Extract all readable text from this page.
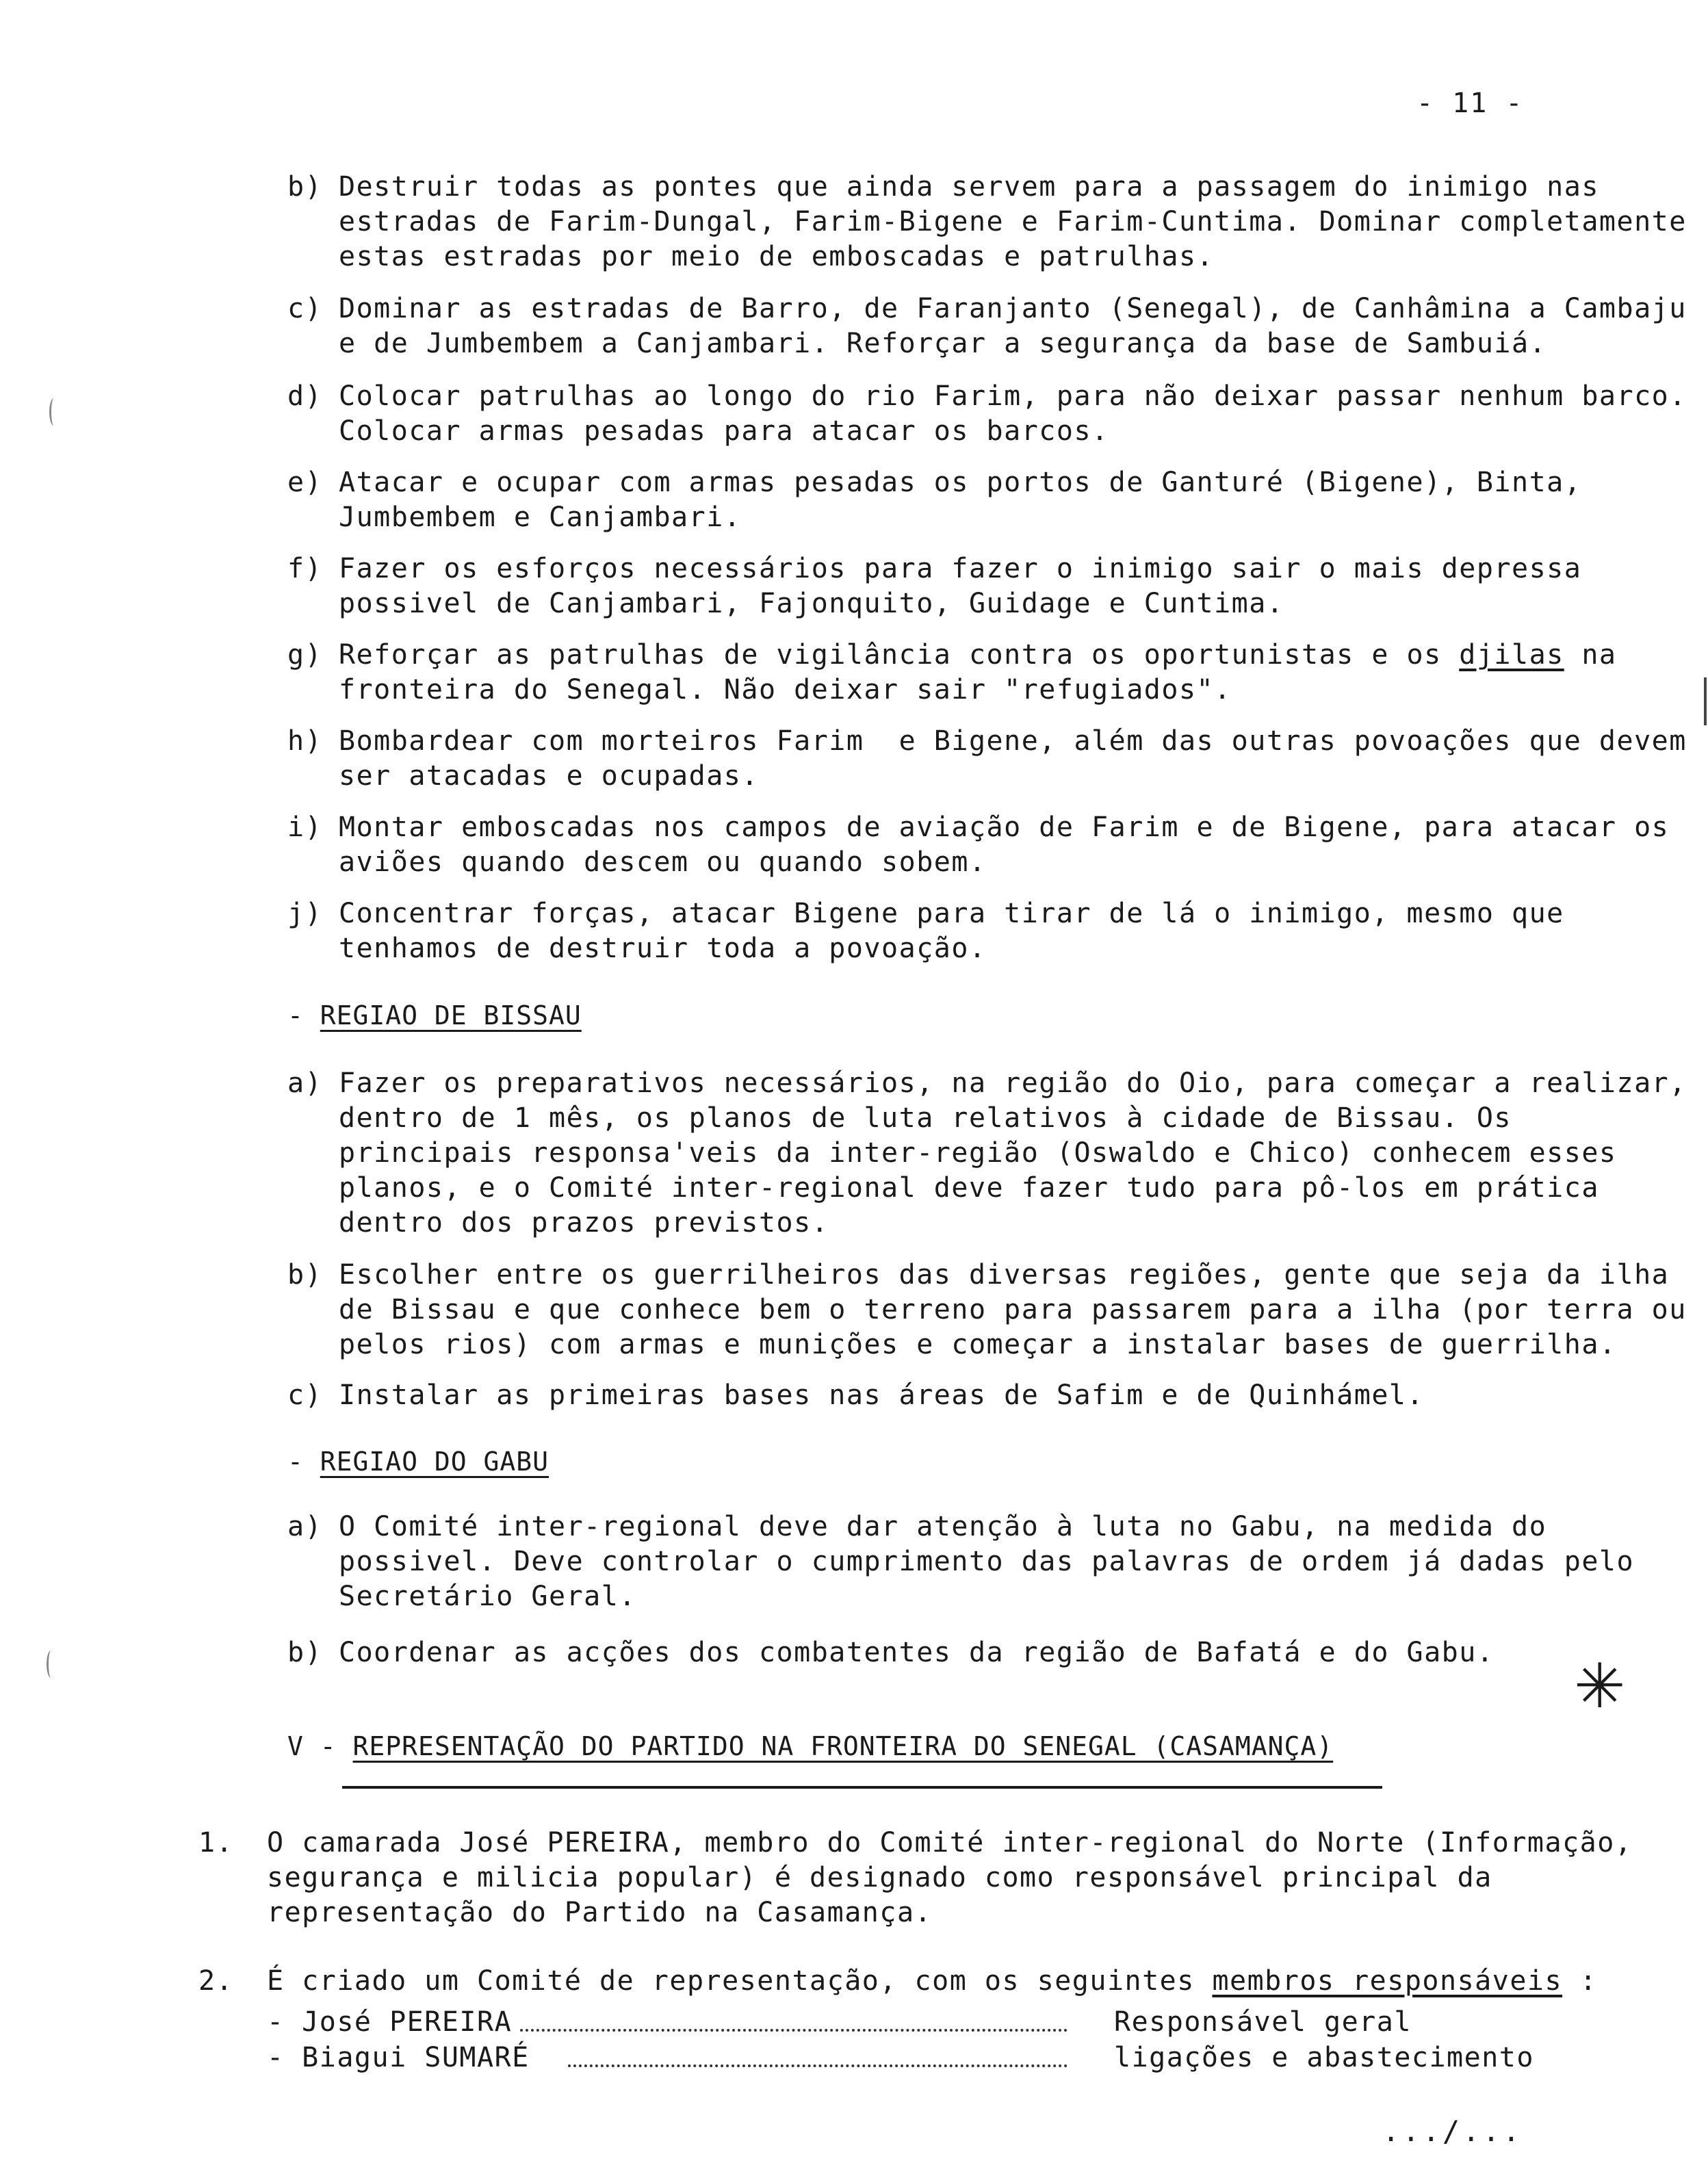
- 11 -
b) Destruir todas as pontes que ainda servem para a passagem do inimigo nas estradas de Farim-Dungal, Farim-Bigene e Farim-Cuntima. Dominar completamente estas estradas por meio de emboscadas e patrulhas.
c) Dominar as estradas de Barro, de Faranjanto (Senegal), de Canhâmina a Cambaju e de Jumbembem a Canjambari. Reforçar a segurança da base de Sambuiá.
d) Colocar patrulhas ao longo do rio Farim, para não deixar passar nenhum barco. Colocar armas pesadas para atacar os barcos.
e) Atacar e ocupar com armas pesadas os portos de Ganturé (Bigene), Binta, Jumbembem e Canjambari.
f) Fazer os esforços necessários para fazer o inimigo sair o mais depressa possivel de Canjambari, Fajonquito, Guidage e Cuntima.
g) Reforçar as patrulhas de vigilância contra os oportunistas e os djilas na fronteira do Senegal. Não deixar sair "refugiados".
h) Bombardear com morteiros Farim  e Bigene, além das outras povoações que devem ser atacadas e ocupadas.
i) Montar emboscadas nos campos de aviação de Farim e de Bigene, para atacar os aviões quando descem ou quando sobem.
j) Concentrar forças, atacar Bigene para tirar de lá o inimigo, mesmo que tenhamos de destruir toda a povoação.
- REGIAO DE BISSAU
a) Fazer os preparativos necessários, na região do Oio, para começar a realizar, dentro de 1 mês, os planos de luta relativos à cidade de Bissau. Os principais responsa'veis da inter-região (Oswaldo e Chico) conhecem esses planos, e o Comité inter-regional deve fazer tudo para pô-los em prática dentro dos prazos previstos.
b) Escolher entre os guerrilheiros das diversas regiões, gente que seja da ilha de Bissau e que conhece bem o terreno para passarem para a ilha (por terra ou pelos rios) com armas e munições e começar a instalar bases de guerrilha.
c) Instalar as primeiras bases nas áreas de Safim e de Quinhámel.
- REGIAO DO GABU
a) O Comité inter-regional deve dar atenção à luta no Gabu, na medida do possivel. Deve controlar o cumprimento das palavras de ordem já dadas pelo Secretário Geral.
b) Coordenar as acções dos combatentes da região de Bafatá e do Gabu.	✳
V - REPRESENTAÇÃO DO PARTIDO NA FRONTEIRA DO SENEGAL (CASAMANÇA)
1. O camarada José PEREIRA, membro do Comité inter-regional do Norte (Informação, segurança e milicia popular) é designado como responsável principal da representação do Partido na Casamança.
2. É criado um Comité de representação, com os seguintes membros responsáveis :
- José PEREIRA	Responsável geral
- Biagui SUMARÉ	ligações e abastecimento
.../...
